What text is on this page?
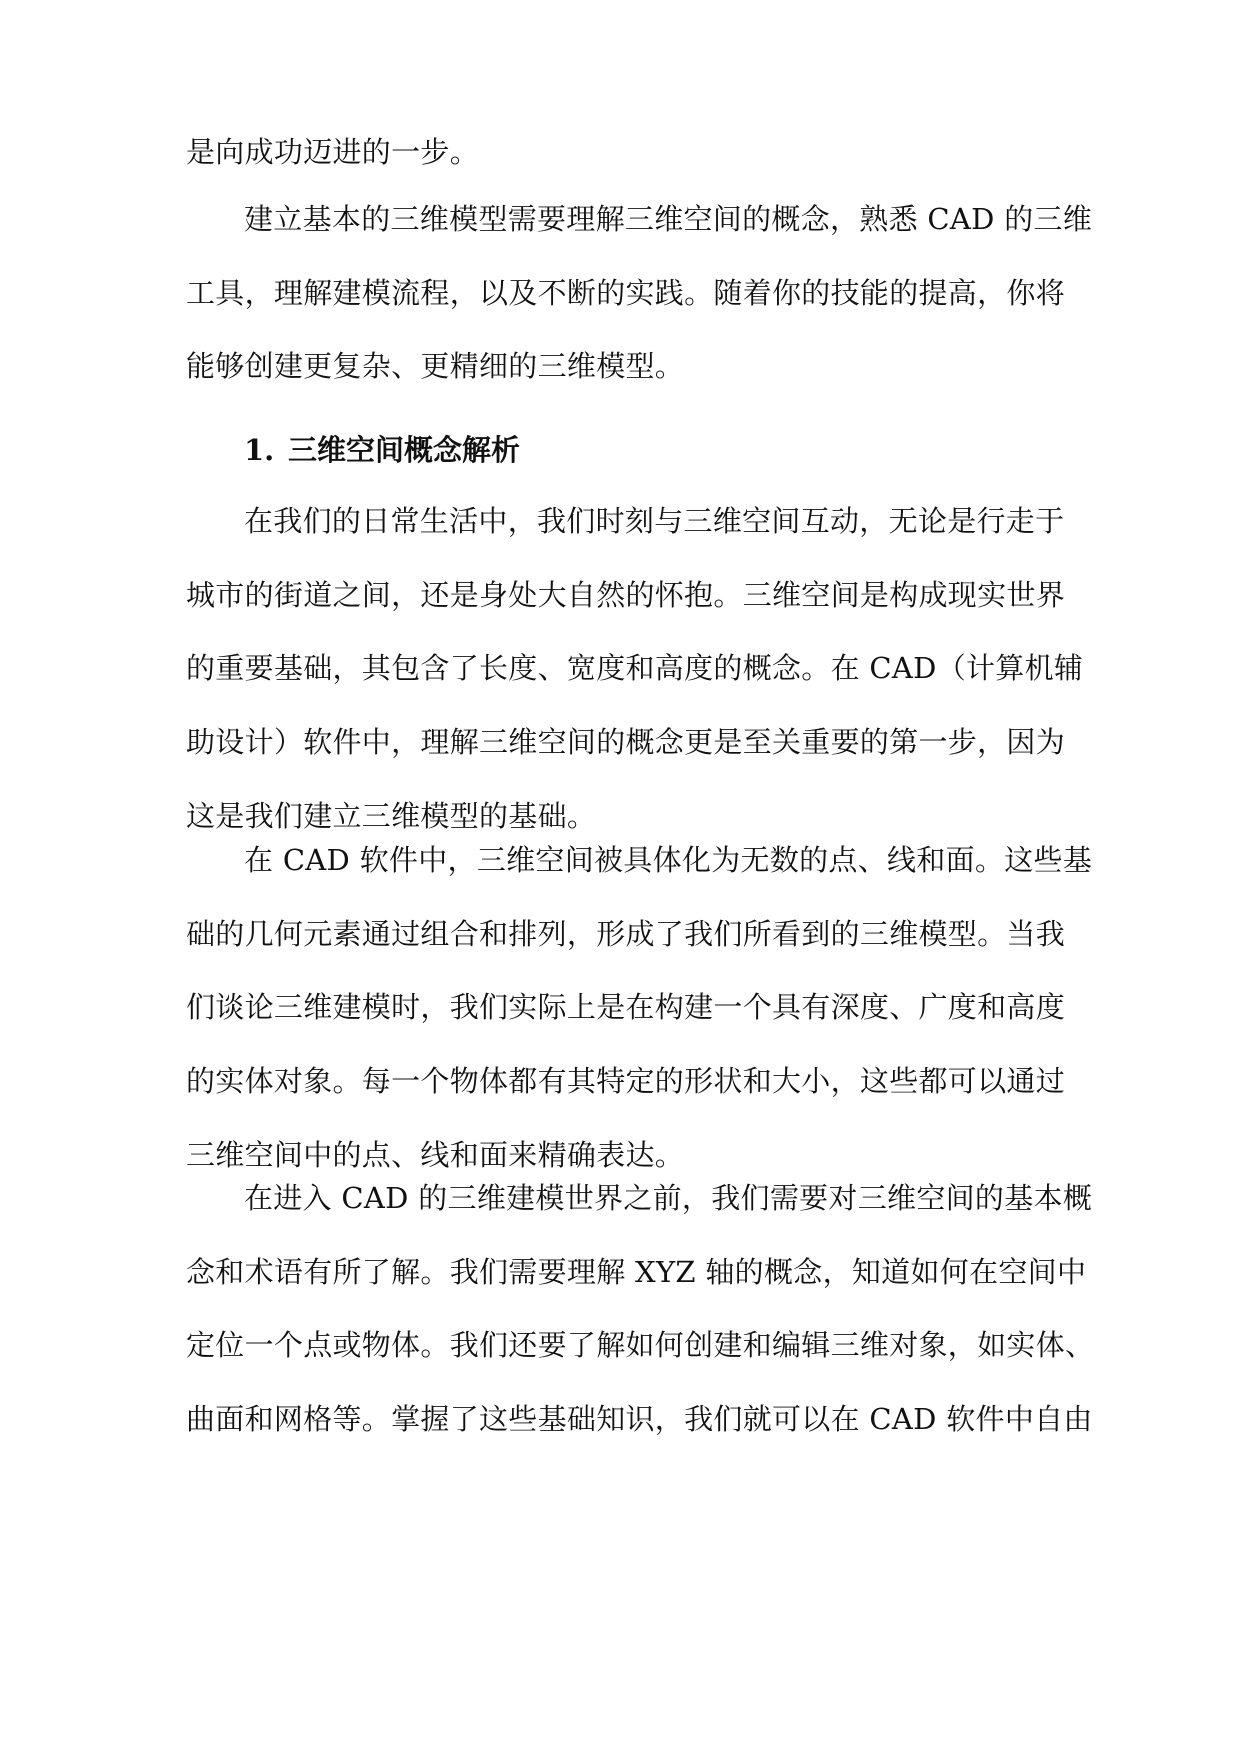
是向成功迈进的一步。
建立基本的三维模型需要理解三维空间的概念，熟悉 CAD 的三维
工具，理解建模流程，以及不断的实践。随着你的技能的提高，你将
能够创建更复杂、更精细的三维模型。
1. 三维空间概念解析
在我们的日常生活中，我们时刻与三维空间互动，无论是行走于
城市的街道之间，还是身处大自然的怀抱。三维空间是构成现实世界
的重要基础，其包含了长度、宽度和高度的概念。在 CAD（计算机辅
助设计）软件中，理解三维空间的概念更是至关重要的第一步，因为
这是我们建立三维模型的基础。
在 CAD 软件中，三维空间被具体化为无数的点、线和面。这些基
础的几何元素通过组合和排列，形成了我们所看到的三维模型。当我
们谈论三维建模时，我们实际上是在构建一个具有深度、广度和高度
的实体对象。每一个物体都有其特定的形状和大小，这些都可以通过
三维空间中的点、线和面来精确表达。
在进入 CAD 的三维建模世界之前，我们需要对三维空间的基本概
念和术语有所了解。我们需要理解 XYZ 轴的概念，知道如何在空间中
定位一个点或物体。我们还要了解如何创建和编辑三维对象，如实体、
曲面和网格等。掌握了这些基础知识，我们就可以在 CAD 软件中自由
